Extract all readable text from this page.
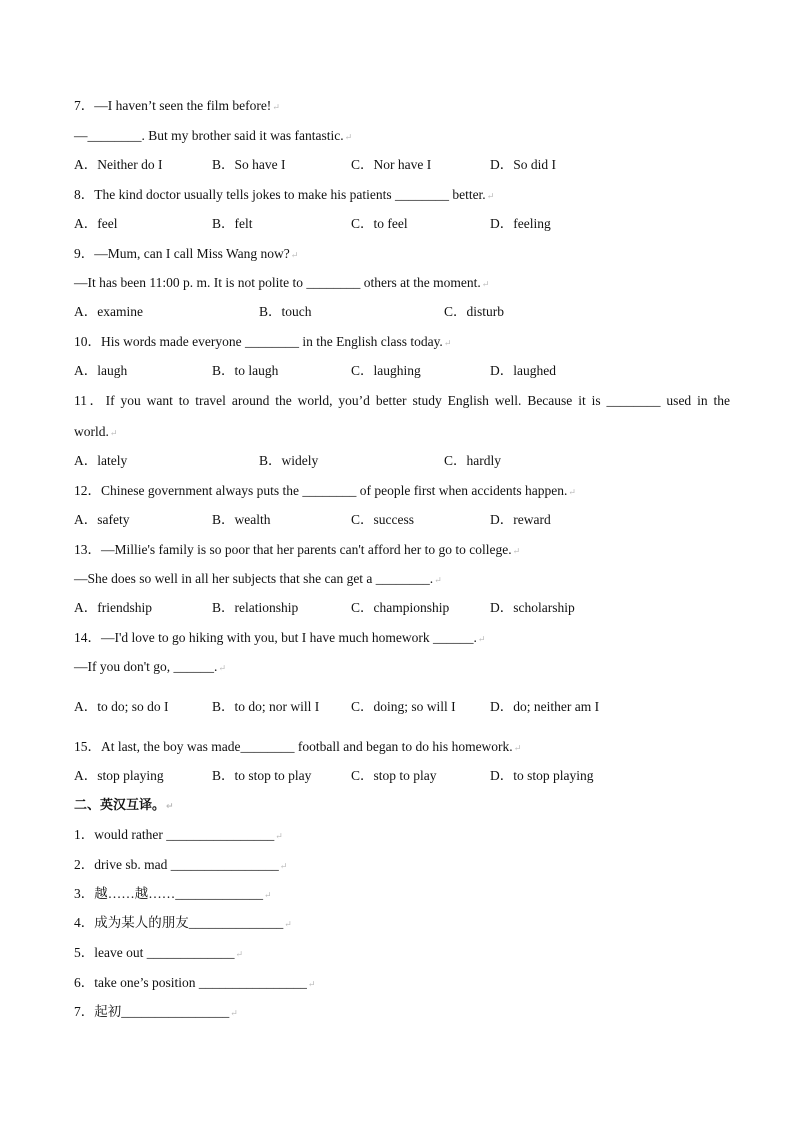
7．—I haven’t seen the film before!↵
—________. But my brother said it was fantastic.↵
A．Neither do I	B．So have I	C．Nor have I	D．So did I
8．The kind doctor usually tells jokes to make his patients ________ better.↵
A．feel	B．felt	C．to feel	D．feeling
9．—Mum, can I call Miss Wang now?↵
—It has been 11:00 p. m. It is not polite to ________ others at the moment.↵
A．examine	B．touch	C．disturb
10．His words made everyone ________ in the English class today.↵
A．laugh	B．to laugh	C．laughing	D．laughed
11．If you want to travel around the world, you’d better study English well. Because it is ________ used in the
world.↵
A．lately	B．widely	C．hardly
12．Chinese government always puts the ________ of people first when accidents happen.↵
A．safety	B．wealth	C．success	D．reward
13．—Millie's family is so poor that her parents can't afford her to go to college.↵
—She does so well in all her subjects that she can get a ________.↵
A．friendship	B．relationship	C．championship	D．scholarship
14．—I'd love to go hiking with you, but I have much homework ______.↵
—If you don't go, ______.↵
A．to do; so do I	B．to do; nor will I C．doing; so will I	D．do; neither am I
15．At last, the boy was made________ football and began to do his homework.↵
A．stop playing	B．to stop to play	C．stop to play	D．to stop playing
二、英汉互译。↵
1．would rather ________________↵
2．drive sb. mad ________________↵
3．越……越……_____________↵
4．成为某人的朋友______________↵
5．leave out _____________↵
6．take one’s position ________________↵
7．起初________________↵
